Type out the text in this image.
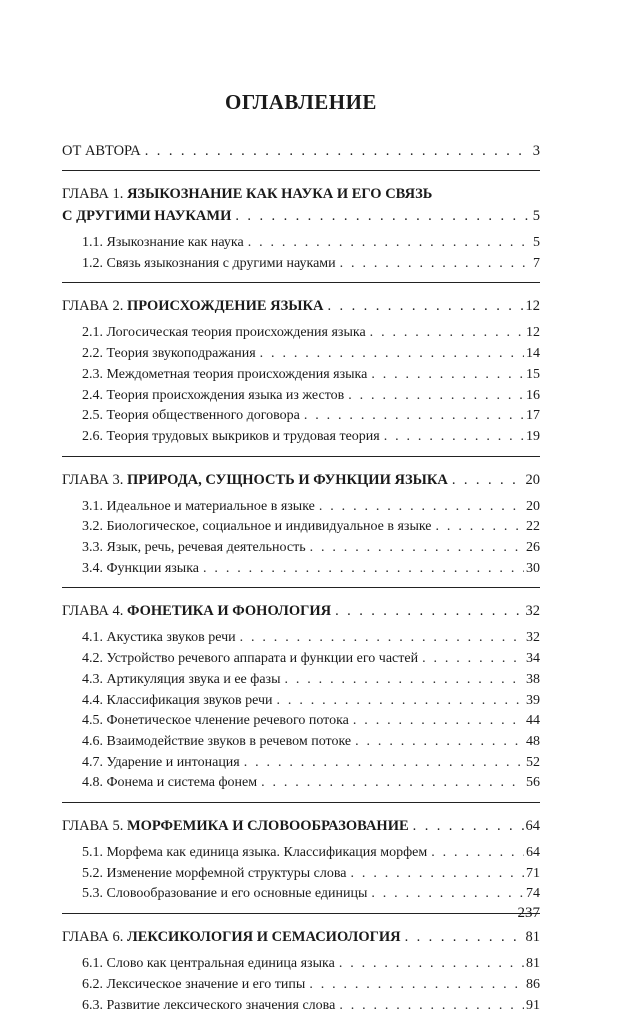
ОГЛАВЛЕНИЕ
ОТ АВТОРА . . .	3
ГЛАВА 1. ЯЗЫКОЗНАНИЕ КАК НАУКА И ЕГО СВЯЗЬ
С ДРУГИМИ НАУКАМИ . . .	5
1.1. Языкознание как наука . . .	5
1.2. Связь языкознания с другими науками . . .	7
ГЛАВА 2. ПРОИСХОЖДЕНИЕ ЯЗЫКА . . .	12
2.1. Логосическая теория происхождения языка . . .	12
2.2. Теория звукоподражания . . .	14
2.3. Междометная теория происхождения языка . . .	15
2.4. Теория происхождения языка из жестов . . .	16
2.5. Теория общественного договора . . .	17
2.6. Теория трудовых выкриков и трудовая теория . . .	19
ГЛАВА 3. ПРИРОДА, СУЩНОСТЬ И ФУНКЦИИ ЯЗЫКА . . .	20
3.1. Идеальное и материальное в языке . . .	20
3.2. Биологическое, социальное и индивидуальное в языке . . .	22
3.3. Язык, речь, речевая деятельность . . .	26
3.4. Функции языка . . .	30
ГЛАВА 4. ФОНЕТИКА И ФОНОЛОГИЯ . . .	32
4.1. Акустика звуков речи . . .	32
4.2. Устройство речевого аппарата и функции его частей . . .	34
4.3. Артикуляция звука и ее фазы . . .	38
4.4. Классификация звуков речи . . .	39
4.5. Фонетическое членение речевого потока . . .	44
4.6. Взаимодействие звуков в речевом потоке . . .	48
4.7. Ударение и интонация . . .	52
4.8. Фонема и система фонем . . .	56
ГЛАВА 5. МОРФЕМИКА И СЛОВООБРАЗОВАНИЕ . . .	64
5.1. Морфема как единица языка. Классификация морфем . . .	64
5.2. Изменение морфемной структуры слова . . .	71
5.3. Словообразование и его основные единицы . . .	74
ГЛАВА 6. ЛЕКСИКОЛОГИЯ И СЕМАСИОЛОГИЯ . . .	81
6.1. Слово как центральная единица языка . . .	81
6.2. Лексическое значение и его типы . . .	86
6.3. Развитие лексического значения слова . . .	91
237
